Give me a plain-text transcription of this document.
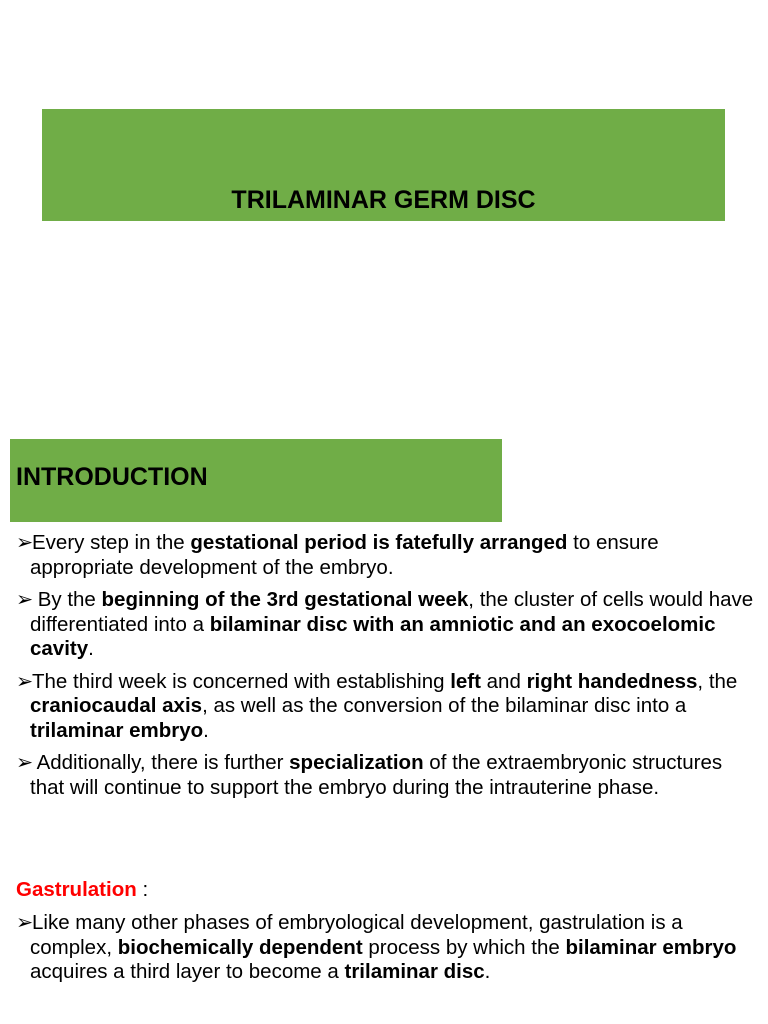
TRILAMINAR GERM DISC
INTRODUCTION
➢Every step in the gestational period is fatefully arranged to ensure appropriate development of the embryo.
➢ By the beginning of the 3rd gestational week, the cluster of cells would have differentiated into a bilaminar disc with an amniotic and an exocoelomic cavity.
➢The third week is concerned with establishing left and right handedness, the craniocaudal axis, as well as the conversion of the bilaminar disc into a trilaminar embryo.
➢ Additionally, there is further specialization of the extraembryonic structures that will continue to support the embryo during the intrauterine phase.
Gastrulation :
➢Like many other phases of embryological development, gastrulation is a complex, biochemically dependent process by which the bilaminar embryo acquires a third layer to become a trilaminar disc.
